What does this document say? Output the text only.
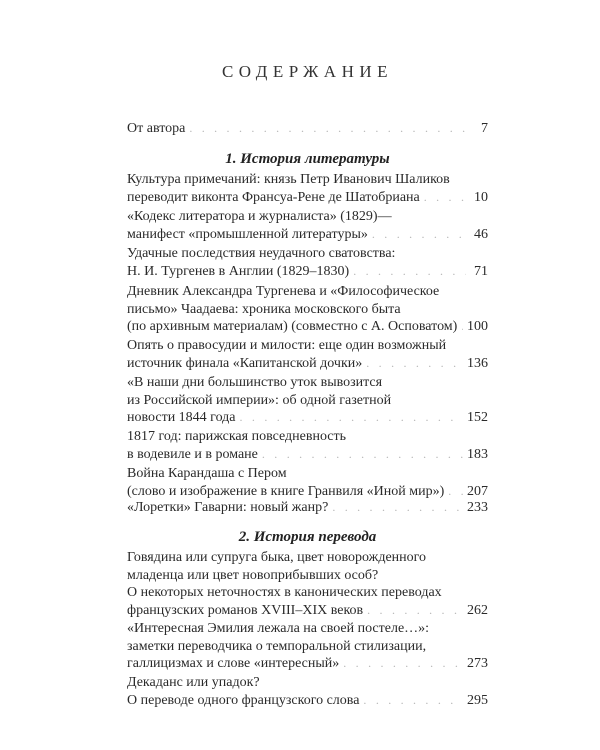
СОДЕРЖАНИЕ
От автора . . .	7
1. История литературы
Культура примечаний: князь Петр Иванович Шаликов
переводит виконта Франсуа-Рене де Шатобриана . . .	10
«Кодекс литератора и журналиста» (1829)—
манифест «промышленной литературы» . . .	46
Удачные последствия неудачного сватовства:
Н. И. Тургенев в Англии (1829–1830) . . .	71
Дневник Александра Тургенева и «Философическое
письмо» Чаадаева: хроника московского быта
(по архивным материалам) (совместно с А. Осповатом) . . . 100
Опять о правосудии и милости: еще один возможный
источник финала «Капитанской дочки» . . .	136
«В наши дни большинство уток вывозится
из Российской империи»: об одной газетной
новости 1844 года . . .	152
1817 год: парижская повседневность
в водевиле и в романе . . .	183
Война Карандаша с Пером
(слово и изображение в книге Гранвиля «Иной мир») . . . 207
«Лоретки» Гаварни: новый жанр? . . .	233
2. История перевода
Говядина или супруга быка, цвет новорожденного
младенца или цвет новоприбывших особ?
О некоторых неточностях в канонических переводах
французских романов XVIII–XIX веков . . .	262
«Интересная Эмилия лежала на своей постеле…»:
заметки переводчика о темпоральной стилизации,
галлицизмах и слове «интересный» . . .	273
Декаданс или упадок?
О переводе одного французского слова . . .	295
